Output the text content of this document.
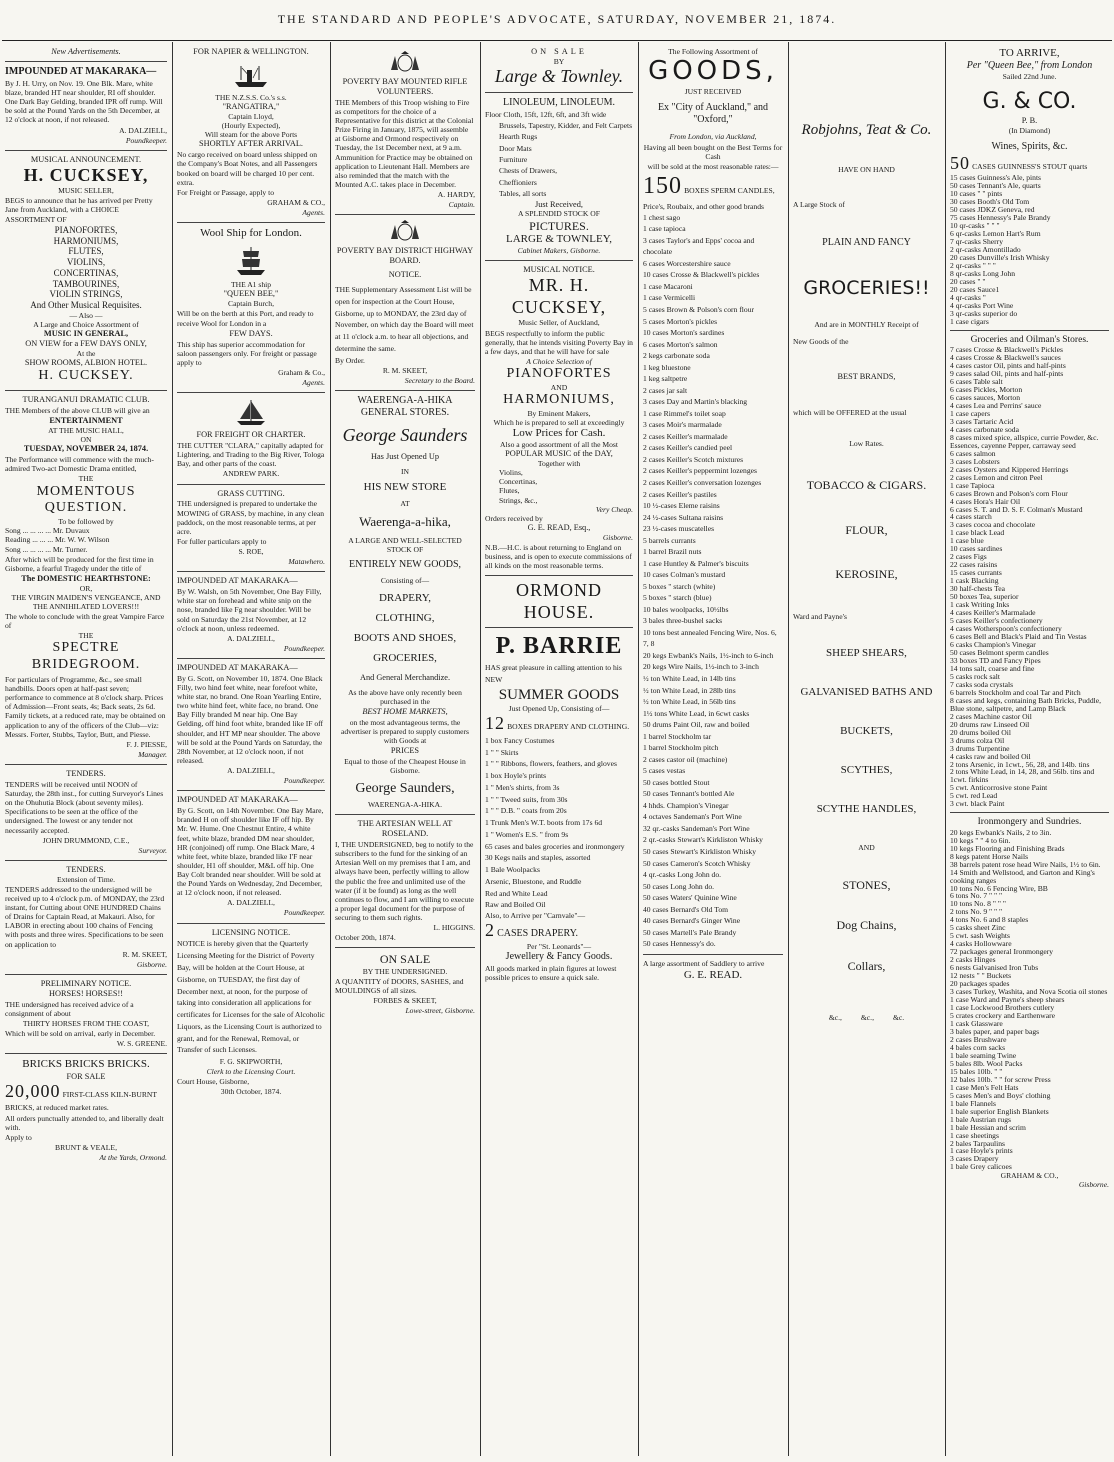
THE STANDARD AND PEOPLE'S ADVOCATE, SATURDAY, NOVEMBER 21, 1874.
New Advertisements.
IMPOUNDED AT MAKARAKA—

By J. H. Urry, on Nov. 19. One Blk. Mare, white blaze, branded HT near shoulder, RI off shoulder. One Dark Bay Gelding, branded IPR off rump. Will be sold at the Pound Yards on the 5th December, at 12 o'clock at noon, if not released.

A. DALZIELL,

Poundkeeper.

MUSICAL ANNOUNCEMENT.
H. CUCKSEY,
MUSIC SELLER,

BEGS to announce that he has arrived per Pretty Jane from Auckland, with a CHOICE ASSORTMENT OF

PIANOFORTES,
HARMONIUMS,
FLUTES,
VIOLINS,
CONCERTINAS,
TAMBOURINES,
VIOLIN STRINGS,
And Other Musical Requisites.
— Also —
A Large and Choice Assortment of
MUSIC IN GENERAL,
ON VIEW for a FEW DAYS ONLY,
At the
SHOW ROOMS, ALBION HOTEL.
H. CUCKSEY.
TURANGANUI DRAMATIC CLUB.

THE Members of the above CLUB will give an

ENTERTAINMENT
AT THE MUSIC HALL,
ON
TUESDAY, NOVEMBER 24, 1874.

The Performance will commence with the much-admired Two-act Domestic Drama entitled,

THE
MOMENTOUS QUESTION.
To be followed by
Song ... ... ... ... Mr. Duvaux
Reading ... ... ... Mr. W. W. Wilson
Song ... ... ... ... Mr. Turner.

After which will be produced for the first time in Gisborne, a fearful Tragedy under the title of

The DOMESTIC HEARTHSTONE:
OR,
THE VIRGIN MAIDEN'S VENGEANCE, AND THE ANNIHILATED LOVERS!!!

The whole to conclude with the great Vampire Farce of

THE
SPECTRE BRIDEGROOM.

For particulars of Programme, &c., see small handbills. Doors open at half-past seven; performance to commence at 8 o'clock sharp. Prices of Admission—Front seats, 4s; Back seats, 2s 6d. Family tickets, at a reduced rate, may be obtained on application to any of the officers of the Club—viz: Messrs. Forter, Stubbs, Taylor, Butt, and Piesse.

F. J. PIESSE,

Manager.

TENDERS.

TENDERS will be received until NOON of Saturday, the 28th inst., for cutting Surveyor's Lines on the Ohuhutia Block (about seventy miles). Specifications to be seen at the office of the undersigned. The lowest or any tender not necessarily accepted.

JOHN DRUMMOND, C.E.,

Surveyor.

TENDERS.
Extension of Time.

TENDERS addressed to the undersigned will be received up to 4 o'clock p.m. of MONDAY, the 23rd instant, for Cutting about ONE HUNDRED Chains of Drains for Captain Read, at Makauri. Also, for LABOR in erecting about 100 chains of Fencing with posts and three wires. Specifications to be seen on application to

R. M. SKEET,

Gisborne.

PRELIMINARY NOTICE.
HORSES! HORSES!!

THE undersigned has received advice of a consignment of about

THIRTY HORSES FROM THE COAST,

Which will be sold on arrival, early in December.

W. S. GREENE.

BRICKS BRICKS BRICKS.
FOR SALE
20,000 FIRST-CLASS KILN-BURNT BRICKS, at reduced market rates.

All orders punctually attended to, and liberally dealt with.

Apply to

BRUNT & VEALE,

At the Yards, Ormond.

FOR NAPIER & WELLINGTON.
THE N.Z.S.S. Co.'s s.s.
"RANGATIRA,"
Captain Lloyd,
(Hourly Expected),
Will steam for the above Ports
SHORTLY AFTER ARRIVAL.

No cargo received on board unless shipped on the Company's Boat Notes, and all Passengers booked on board will be charged 10 per cent. extra.

For Freight or Passage, apply to

GRAHAM & CO.,

Agents.

Wool Ship for London.
THE A1 ship
"QUEEN BEE,"
Captain Burch,

Will be on the berth at this Port, and ready to receive Wool for London in a

FEW DAYS.

This ship has superior accommodation for saloon passengers only. For freight or passage apply to

Graham & Co.,

Agents.

FOR FREIGHT OR CHARTER.

THE CUTTER "CLARA," capitally adapted for Lightering, and Trading to the Big River, Tologa Bay, and other parts of the coast.

ANDREW PARK.

GRASS CUTTING.

THE undersigned is prepared to undertake the MOWING of GRASS, by machine, in any clean paddock, on the most reasonable terms, at per acre.

For fuller particulars apply to

S. ROE,

Matawhero.

IMPOUNDED AT MAKARAKA—

By W. Walsh, on 5th November, One Bay Filly, white star on forehead and white snip on the nose, branded like Fg near shoulder. Will be sold on Saturday the 21st November, at 12 o'clock at noon, unless redeemed.

A. DALZIELL,

Poundkeeper.

IMPOUNDED AT MAKARAKA—

By G. Scott, on November 10, 1874. One Black Filly, two hind feet white, near forefoot white, white star, no brand. One Roan Yearling Entire, two white hind feet, white face, no brand. One Bay Filly branded M near hip. One Bay Gelding, off hind foot white, branded like IF off shoulder, and HT MP near shoulder. The above will be sold at the Pound Yards on Saturday, the 28th November, at 12 o'clock noon, if not released.

A. DALZIELL,

Poundkeeper.

IMPOUNDED AT MAKARAKA—

By G. Scott, on 14th November. One Bay Mare, branded H on off shoulder like IF off hip. By Mr. W. Hume. One Chestnut Entire, 4 white feet, white blaze, branded DM near shoulder, HR (conjoined) off rump. One Black Mare, 4 white feet, white blaze, branded like I'F near shoulder, H1 off shoulder, M&L off hip. One Bay Colt branded near shoulder. Will be sold at the Pound Yards on Wednesday, 2nd December, at 12 o'clock noon, if not released.

A. DALZIELL,

Poundkeeper.

LICENSING NOTICE.

NOTICE is hereby given that the Quarterly Licensing Meeting for the District of Poverty Bay, will be holden at the Court House, at Gisborne, on TUESDAY, the first day of December next, at noon, for the purpose of taking into consideration all applications for certificates for Licenses for the sale of Alcoholic Liquors, as the Licensing Court is authorized to grant, and for the Renewal, Removal, or Transfer of such Licenses.

F. G. SKIPWORTH,

Clerk to the Licensing Court.

Court House, Gisborne,

30th October, 1874.

POVERTY BAY MOUNTED RIFLE VOLUNTEERS.

THE Members of this Troop wishing to Fire as competitors for the choice of a Representative for this district at the Colonial Prize Firing in January, 1875, will assemble at Gisborne and Ormond respectively on Tuesday, the 1st December next, at 9 a.m. Ammunition for Practice may be obtained on application to Lieutenant Hall. Members are also reminded that the match with the Mounted A.C. takes place in December.

A. HARDY,

Captain.

POVERTY BAY DISTRICT HIGHWAY BOARD.
NOTICE.

THE Supplementary Assessment List will be open for inspection at the Court House, Gisborne, up to MONDAY, the 23rd day of November, on which day the Board will meet at 11 o'clock a.m. to hear all objections, and determine the same.

By Order.

R. M. SKEET,

Secretary to the Board.

WAERENGA-A-HIKA
GENERAL STORES.
George Saunders
Has Just Opened Up
IN
HIS NEW STORE
AT
Waerenga-a-hika,
A LARGE AND WELL-SELECTED STOCK OF
ENTIRELY NEW GOODS,
Consisting of—
DRAPERY,
CLOTHING,
BOOTS AND SHOES,
GROCERIES,
And General Merchandize.

As the above have only recently been purchased in the

BEST HOME MARKETS,

on the most advantageous terms, the advertiser is prepared to supply customers with Goods at

PRICES

Equal to those of the Cheapest House in Gisborne.

George Saunders,
WAERENGA-A-HIKA.
THE ARTESIAN WELL AT ROSELAND.

I, THE UNDERSIGNED, beg to notify to the subscribers to the fund for the sinking of an Artesian Well on my premises that I am, and always have been, perfectly willing to allow the public the free and unlimited use of the water (if it be found) as long as the well continues to flow, and I am willing to execute a proper legal document for the purpose of securing to them such rights.

L. HIGGINS.

October 20th, 1874.

ON SALE
BY THE UNDERSIGNED.

A QUANTITY of DOORS, SASHES, and MOULDINGS of all sizes.

FORBES & SKEET,

Lowe-street, Gisborne.

ON SALE
BY
Large & Townley.
LINOLEUM, LINOLEUM.

Floor Cloth, 15ft, 12ft, 6ft, and 3ft wide

Brussels, Tapestry, Kidder, and Felt Carpets
Hearth Rugs
Door Mats
Furniture
Chests of Drawers,
Cheffioniers
Tables, all sorts
Just Received,
A SPLENDID STOCK OF
PICTURES.
LARGE & TOWNLEY,
Cabinet Makers, Gisborne.
MUSICAL NOTICE.
MR. H. CUCKSEY,
Music Seller, of Auckland,

BEGS respectfully to inform the public generally, that he intends visiting Poverty Bay in a few days, and that he will have for sale

A Choice Selection of
PIANOFORTES
AND
HARMONIUMS,
By Eminent Makers,
Which he is prepared to sell at exceedingly
Low Prices for Cash.
Also a good assortment of all the Most
POPULAR MUSIC of the DAY,
Together with
Violins,
Concertinas,
Flutes,
Strings, &c.,
Very Cheap.
Orders received by
G. E. READ, Esq.,
Gisborne.

N.B.—H.C. is about returning to England on business, and is open to execute commissions of all kinds on the most reasonable terms.

ORMOND HOUSE.
P. BARRIE

HAS great pleasure in calling attention to his NEW

SUMMER GOODS
Just Opened Up, Consisting of—
12 BOXES DRAPERY AND CLOTHING.
1 box Fancy Costumes
1 " " Skirts
1 " " Ribbons, flowers, feathers, and gloves
1 box Hoyle's prints
1 " Men's shirts, from 3s
1 " " Tweed suits, from 30s
1 " " D.B. " coats from 20s
1 Trunk Men's W.T. boots from 17s 6d
1 " Women's E.S. " from 9s
65 cases and bales groceries and ironmongery
30 Kegs nails and staples, assorted
1 Bale Woolpacks
Arsenic, Bluestone, and Ruddle
Red and White Lead
Raw and Boiled Oil
Also, to Arrive per "Carnvale"—
2 CASES DRAPERY.
Per "St. Leonards"—
Jewellery & Fancy Goods.

All goods marked in plain figures at lowest possible prices to ensure a quick sale.

The Following Assortment of
GOODS,
JUST RECEIVED
Ex "City of Auckland," and "Oxford,"
From London, via Auckland,

Having all been bought on the Best Terms for Cash

will be sold at the most reasonable rates:—

150 BOXES SPERM CANDLES,

Price's, Roubaix, and other good brands

1 chest sago
1 case tapioca
3 cases Taylor's and Epps' cocoa and chocolate
6 cases Worcestershire sauce
10 cases Crosse & Blackwell's pickles
1 case Macaroni
1 case Vermicelli
5 cases Brown & Polson's corn flour
5 cases Morton's pickles
10 cases Morton's sardines
6 cases Morton's salmon
2 kegs carbonate soda
1 keg bluestone
1 keg saltpetre
2 cases jar salt
3 cases Day and Martin's blacking
1 case Rimmel's toilet soap
3 cases Moir's marmalade
2 cases Keiller's marmalade
2 cases Keiller's candied peel
2 cases Keiller's Scotch mixtures
2 cases Keiller's peppermint lozenges
2 cases Keiller's conversation lozenges
2 cases Keiller's pastiles
10 ½-cases Eleme raisins
24 ½-cases Sultana raisins
23 ½-cases muscatelles
5 barrels currants
1 barrel Brazil nuts
1 case Huntley & Palmer's biscuits
10 cases Colman's mustard
5 boxes " starch (white)
5 boxes " starch (blue)
10 bales woolpacks, 10½lbs
3 bales three-bushel sacks
10 tons best annealed Fencing Wire, Nos. 6, 7, 8
20 kegs Ewbank's Nails, 1½-inch to 6-inch
20 kegs Wire Nails, 1½-inch to 3-inch
½ ton White Lead, in 14lb tins
½ ton White Lead, in 28lb tins
½ ton White Lead, in 56lb tins
1½ tons White Lead, in 6cwt casks
50 drums Paint Oil, raw and boiled
1 barrel Stockholm tar
1 barrel Stockholm pitch
2 cases castor oil (machine)
5 cases vestas
50 cases bottled Stout
50 cases Tennant's bottled Ale
4 hhds. Champion's Vinegar
4 octaves Sandeman's Port Wine
32 qr.-casks Sandeman's Port Wine
2 qr.-casks Stewart's Kirkliston Whisky
50 cases Stewart's Kirkliston Whisky
50 cases Cameron's Scotch Whisky
4 qr.-casks Long John do.
50 cases Long John do.
50 cases Waters' Quinine Wine
40 cases Bernard's Old Tom
40 cases Bernard's Ginger Wine
50 cases Martell's Pale Brandy
50 cases Hennessy's do.

A large assortment of Saddlery to arrive

G. E. READ.
Robjohns, Teat & Co.
HAVE ON HAND
A Large Stock of
PLAIN AND FANCY
GROCERIES!!
And are in MONTHLY Receipt of
New Goods of the
BEST BRANDS,
which will be OFFERED at the usual
Low Rates.
TOBACCO & CIGARS.
FLOUR,
KEROSINE,
Ward and Payne's
SHEEP SHEARS,
GALVANISED BATHS AND
BUCKETS,
SCYTHES,
SCYTHE HANDLES,
AND
STONES,
Dog Chains,
Collars,
&c.,          &c.,          &c.
TO ARRIVE,
Per "Queen Bee," from London
Sailed 22nd June.
G. & CO.
P. B.
(In Diamond)
Wines, Spirits, &c.
50 CASES GUINNESS'S STOUT quarts
15 cases Guinness's Ale, pints
50 cases Tennant's Ale, quarts
10 cases " " pints
30 cases Booth's Old Tom
50 cases JDKZ Geneva, red
75 cases Hennessy's Pale Brandy
10 qr-casks " " "
6 qr-casks Lemon Hart's Rum
7 qr-casks Sherry
2 qr-casks Amontillado
20 cases Dunville's Irish Whisky
2 qr-casks " " "
8 qr-casks Long John
20 cases " "
20 cases Sauce1
4 qr-casks "
4 qr-casks Port Wine
3 qr-casks superior do
1 case cigars
Groceries and Oilman's Stores.
7 cases Crosse & Blackwell's Pickles
4 cases Crosse & Blackwell's sauces
4 cases castor Oil, pints and half-pints
9 cases salad Oil, pints and half-pints
6 cases Table salt
6 cases Pickles, Morton
6 cases sauces, Morton
4 cases Lea and Perrins' sauce
1 case capers
3 cases Tartaric Acid
4 cases carbonate soda
8 cases mixed spice, allspice, currie Powder, &c. Essences, cayenne Pepper, carraway seed
6 cases salmon
3 cases Lobsters
2 cases Oysters and Kippered Herrings
2 cases Lemon and citron Peel
1 case Tapioca
6 cases Brown and Polson's corn Flour
4 cases Hora's Hair Oil
6 cases S. T. and D. S. F. Colman's Mustard
4 cases starch
3 cases cocoa and chocolate
1 case black Lead
1 case blue
10 cases sardines
2 cases Figs
22 cases raisins
15 cases currants
1 cask Blacking
30 half-chests Tea
50 boxes Tea, superior
1 cask Writing Inks
4 cases Keiller's Marmalade
5 cases Keiller's confectionery
4 cases Wotherspoon's confectionery
6 cases Bell and Black's Plaid and Tin Vestas
6 casks Champion's Vinegar
50 cases Belmont sperm candles
33 boxes TD and Fancy Pipes
14 tons salt, coarse and fine
5 casks rock salt
7 casks soda crystals
6 barrels Stockholm and coal Tar and Pitch
8 cases and kegs, containing Bath Bricks, Puddle, Blue stone, saltpetre, and Lamp Black
2 cases Machine castor Oil
20 drums raw Linseed Oil
20 drums boiled Oil
3 drums colza Oil
3 drums Turpentine
4 casks raw and boiled Oil
2 tons Arsenic, in 1cwt., 56, 28, and 14lb. tins
2 tons White Lead, in 14, 28, and 56lb. tins and 1cwt. firkins
5 cwt. Anticorrosive stone Paint
5 cwt. red Lead
3 cwt. black Paint
Ironmongery and Sundries.
20 kegs Ewbank's Nails, 2 to 3in.
10 kegs " " 4 to 6in.
10 kegs Flooring and Finishing Brads
8 kegs patent Horse Nails
38 barrels patent rose head Wire Nails, 1½ to 6in.
14 Smith and Wellstood, and Garton and King's cooking ranges
10 tons No. 6 Fencing Wire, BB
6 tons No. 7 " " "
10 tons No. 8 " " "
2 tons No. 9 " " "
4 tons No. 6 and 8 staples
5 casks sheet Zinc
5 cwt. sash Weights
4 casks Hollowware
72 packages general Ironmongery
2 casks Hinges
6 nests Galvanised Iron Tubs
12 nests " " Buckets
20 packages spades
3 cases Turkey, Washita, and Nova Scotia oil stones
1 case Ward and Payne's sheep shears
1 case Lockwood Brothers cutlery
5 crates crockery and Earthenware
1 cask Glassware
3 bales paper, and paper bags
2 cases Brushware
4 bales corn sacks
1 bale seaming Twine
5 bales 8lb. Wool Packs
15 bales 10lb. " "
12 bales 10lb. " " for screw Press
1 case Men's Felt Hats
5 cases Men's and Boys' clothing
1 bale Flannels
1 bale superior English Blankets
1 bale Austrian rugs
1 bale Hessian and scrim
1 case sheetings
2 bales Tarpaulins
1 case Hoyle's prints
3 cases Drapery
1 bale Grey calicoes
GRAHAM & CO.,
Gisborne.
